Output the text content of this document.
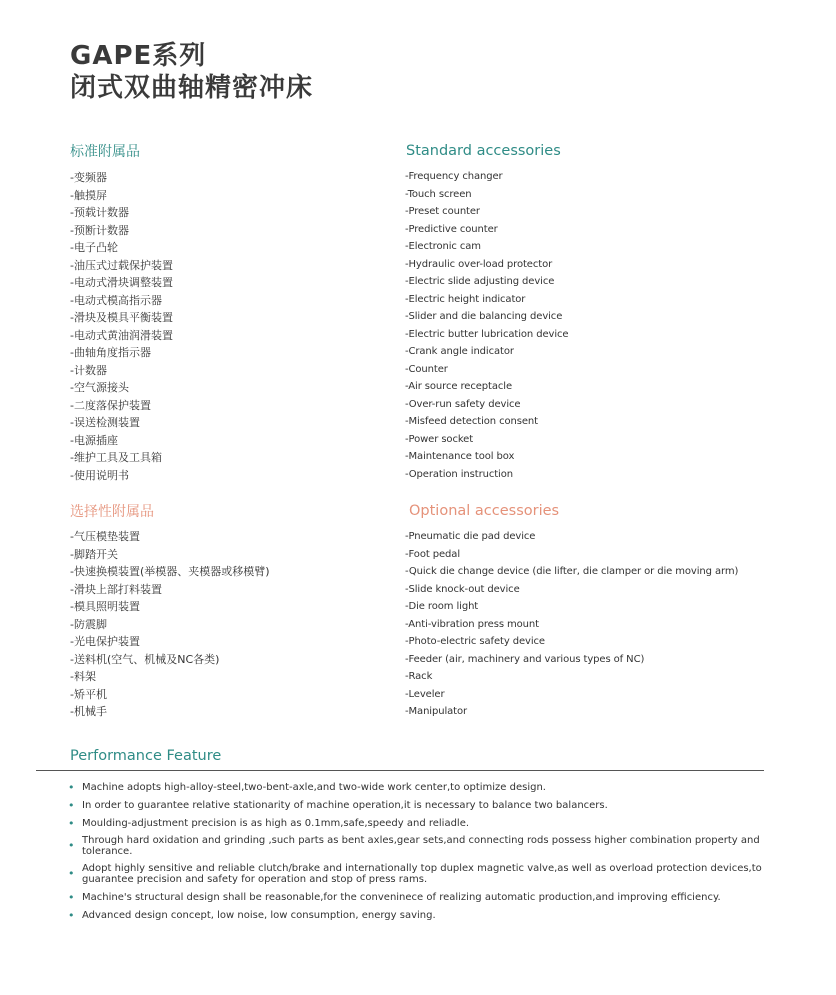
GAPE系列
闭式双曲轴精密冲床
标准附属品	Standard accessories
-变频器
-触摸屏
-预载计数器
-预断计数器
-电子凸轮
-油压式过载保护装置
-电动式滑块调整装置
-电动式模高指示器
-滑块及模具平衡装置
-电动式黄油润滑装置
-曲轴角度指示器
-计数器
-空气源接头
-二度落保护装置
-误送检测装置
-电源插座
-维护工具及工具箱
-使用说明书
-Frequency changer
-Touch screen
-Preset counter
-Predictive counter
-Electronic cam
-Hydraulic over-load protector
-Electric slide adjusting device
-Electric height indicator
-Slider and die balancing device
-Electric butter lubrication device
-Crank angle indicator
-Counter
-Air source receptacle
-Over-run safety device
-Misfeed detection consent
-Power socket
-Maintenance tool box
-Operation instruction
选择性附属品	Optional accessories
-气压模垫装置
-脚踏开关
-快速换模装置(举模器、夹模器或移模臂)
-滑块上部打料装置
-模具照明装置
-防震脚
-光电保护装置
-送料机(空气、机械及NC各类)
-料架
-矫平机
-机械手
-Pneumatic die pad device
-Foot pedal
-Quick die change device (die lifter, die clamper or die moving arm)
-Slide knock-out device
-Die room light
-Anti-vibration press mount
-Photo-electric safety device
-Feeder (air, machinery and various types of NC)
-Rack
-Leveler
-Manipulator
Performance Feature
• Machine adopts high-alloy-steel,two-bent-axle,and two-wide work center,to optimize design.
• In order to guarantee relative stationarity of machine operation,it is necessary to balance two balancers.
• Moulding-adjustment precision is as high as 0.1mm,safe,speedy and reliadle.
• Through hard oxidation and grinding ,such parts as bent axles,gear sets,and connecting rods possess higher combination property and tolerance.
• Adopt highly sensitive and reliable clutch/brake and internationally top duplex magnetic valve,as well as overload protection devices,to guarantee precision and safety for operation and stop of press rams.
• Machine's structural design shall be reasonable,for the conveninece of realizing automatic production,and improving efficiency.
• Advanced design concept, low noise, low consumption, energy saving.
